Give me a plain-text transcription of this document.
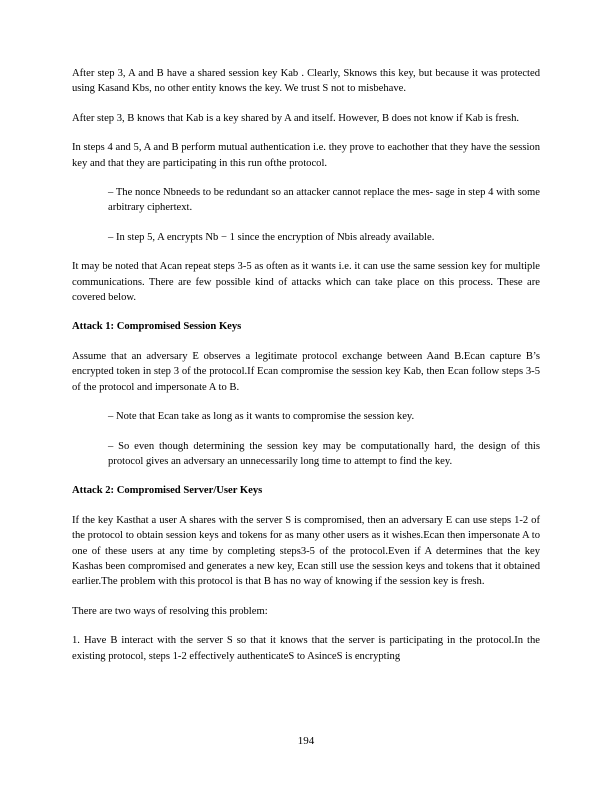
After step 3, A and B have a shared session key Kab . Clearly, Sknows this key, but because it was protected using Kasand Kbs, no other entity knows the key. We trust S not to misbehave.

After step 3, B knows that Kab is a key shared by A and itself. However, B does not know if Kab is fresh.

In steps 4 and 5, A and B perform mutual authentication i.e. they prove to eachother that they have the session key and that they are participating in this run ofthe protocol.

– The nonce Nbneeds to be redundant so an attacker cannot replace the mes- sage in step 4 with some arbitrary ciphertext.

– In step 5, A encrypts Nb − 1 since the encryption of Nbis already available.

It may be noted that Acan repeat steps 3-5 as often as it wants i.e. it can use the same session key for multiple communications. There are few possible kind of attacks which can take place on this process. These are covered below.

Attack 1: Compromised Session Keys

Assume that an adversary E observes a legitimate protocol exchange between Aand B.Ecan capture B’s encrypted token in step 3 of the protocol.If Ecan compromise the session key Kab, then Ecan follow steps 3-5 of the protocol and impersonate A to B.

– Note that Ecan take as long as it wants to compromise the session key.

– So even though determining the session key may be computationally hard, the design of this protocol gives an adversary an unnecessarily long time to attempt to find the key.

Attack 2: Compromised Server/User Keys

If the key Kasthat a user A shares with the server S is compromised, then an adversary E can use steps 1-2 of the protocol to obtain session keys and tokens for as many other users as it wishes.Ecan then impersonate A to one of these users at any time by completing steps3-5 of the protocol.Even if A determines that the key Kashas been compromised and generates a new key, Ecan still use the session keys and tokens that it obtained earlier.The problem with this protocol is that B has no way of knowing if the session key is fresh.

There are two ways of resolving this problem:

1. Have B interact with the server S so that it knows that the server is participating in the protocol.In the existing protocol, steps 1-2 effectively authenticateS to AsinceS is encrypting

194
